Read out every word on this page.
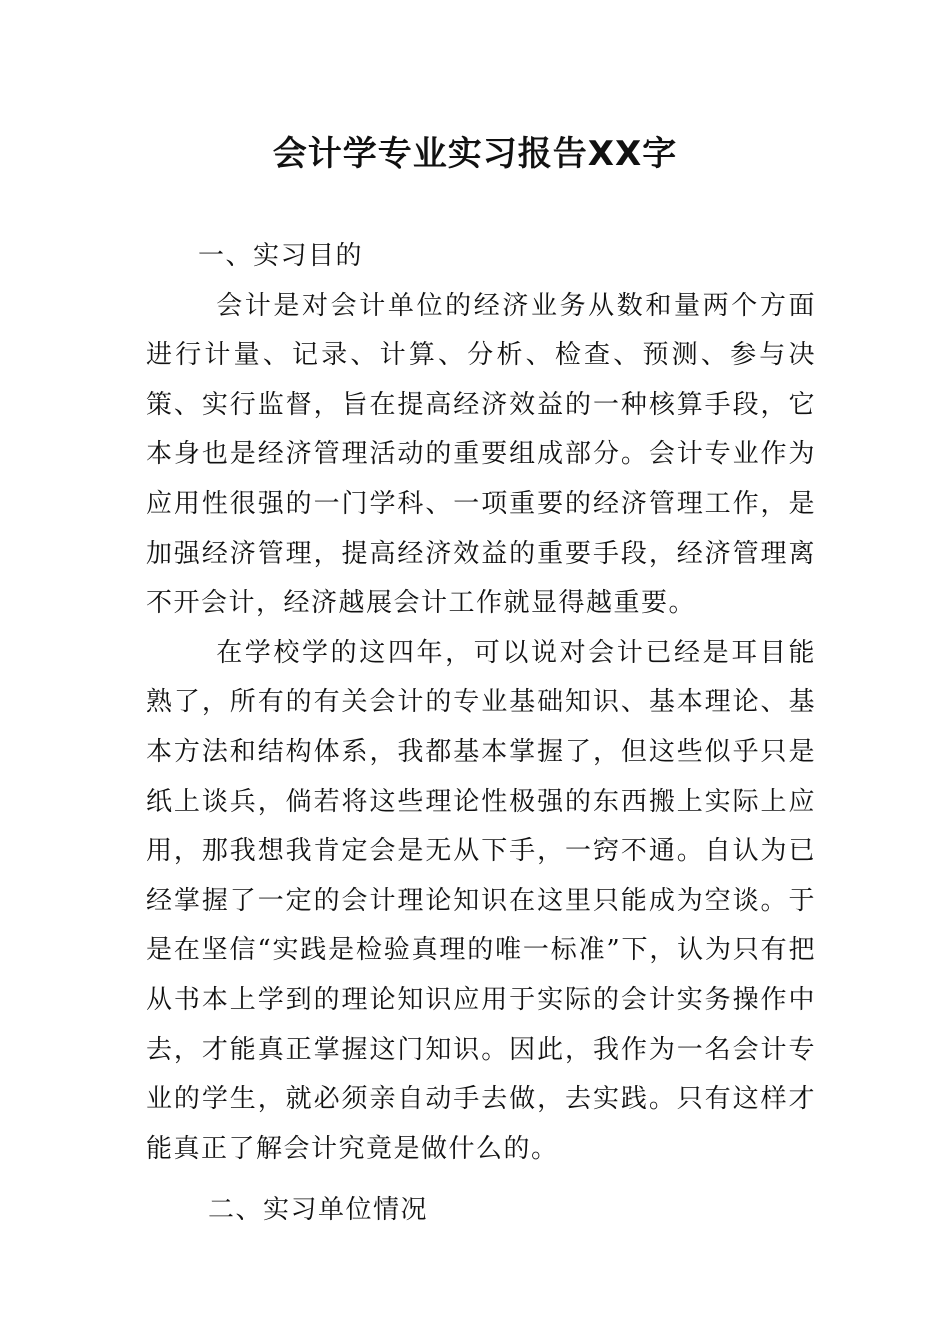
会计学专业实习报告XX字
一、实习目的

会计是对会计单位的经济业务从数和量两个方面进行计量、记录、计算、分析、检查、预测、参与决策、实行监督，旨在提高经济效益的一种核算手段，它本身也是经济管理活动的重要组成部分。会计专业作为应用性很强的一门学科、一项重要的经济管理工作，是加强经济管理，提高经济效益的重要手段，经济管理离不开会计，经济越展会计工作就显得越重要。

在学校学的这四年，可以说对会计已经是耳目能熟了，所有的有关会计的专业基础知识、基本理论、基本方法和结构体系，我都基本掌握了，但这些似乎只是纸上谈兵，倘若将这些理论性极强的东西搬上实际上应用，那我想我肯定会是无从下手，一窍不通。自认为已经掌握了一定的会计理论知识在这里只能成为空谈。于是在坚信“实践是检验真理的唯一标准”下，认为只有把从书本上学到的理论知识应用于实际的会计实务操作中去，才能真正掌握这门知识。因此，我作为一名会计专业的学生，就必须亲自动手去做，去实践。只有这样才能真正了解会计究竟是做什么的。

二、实习单位情况
